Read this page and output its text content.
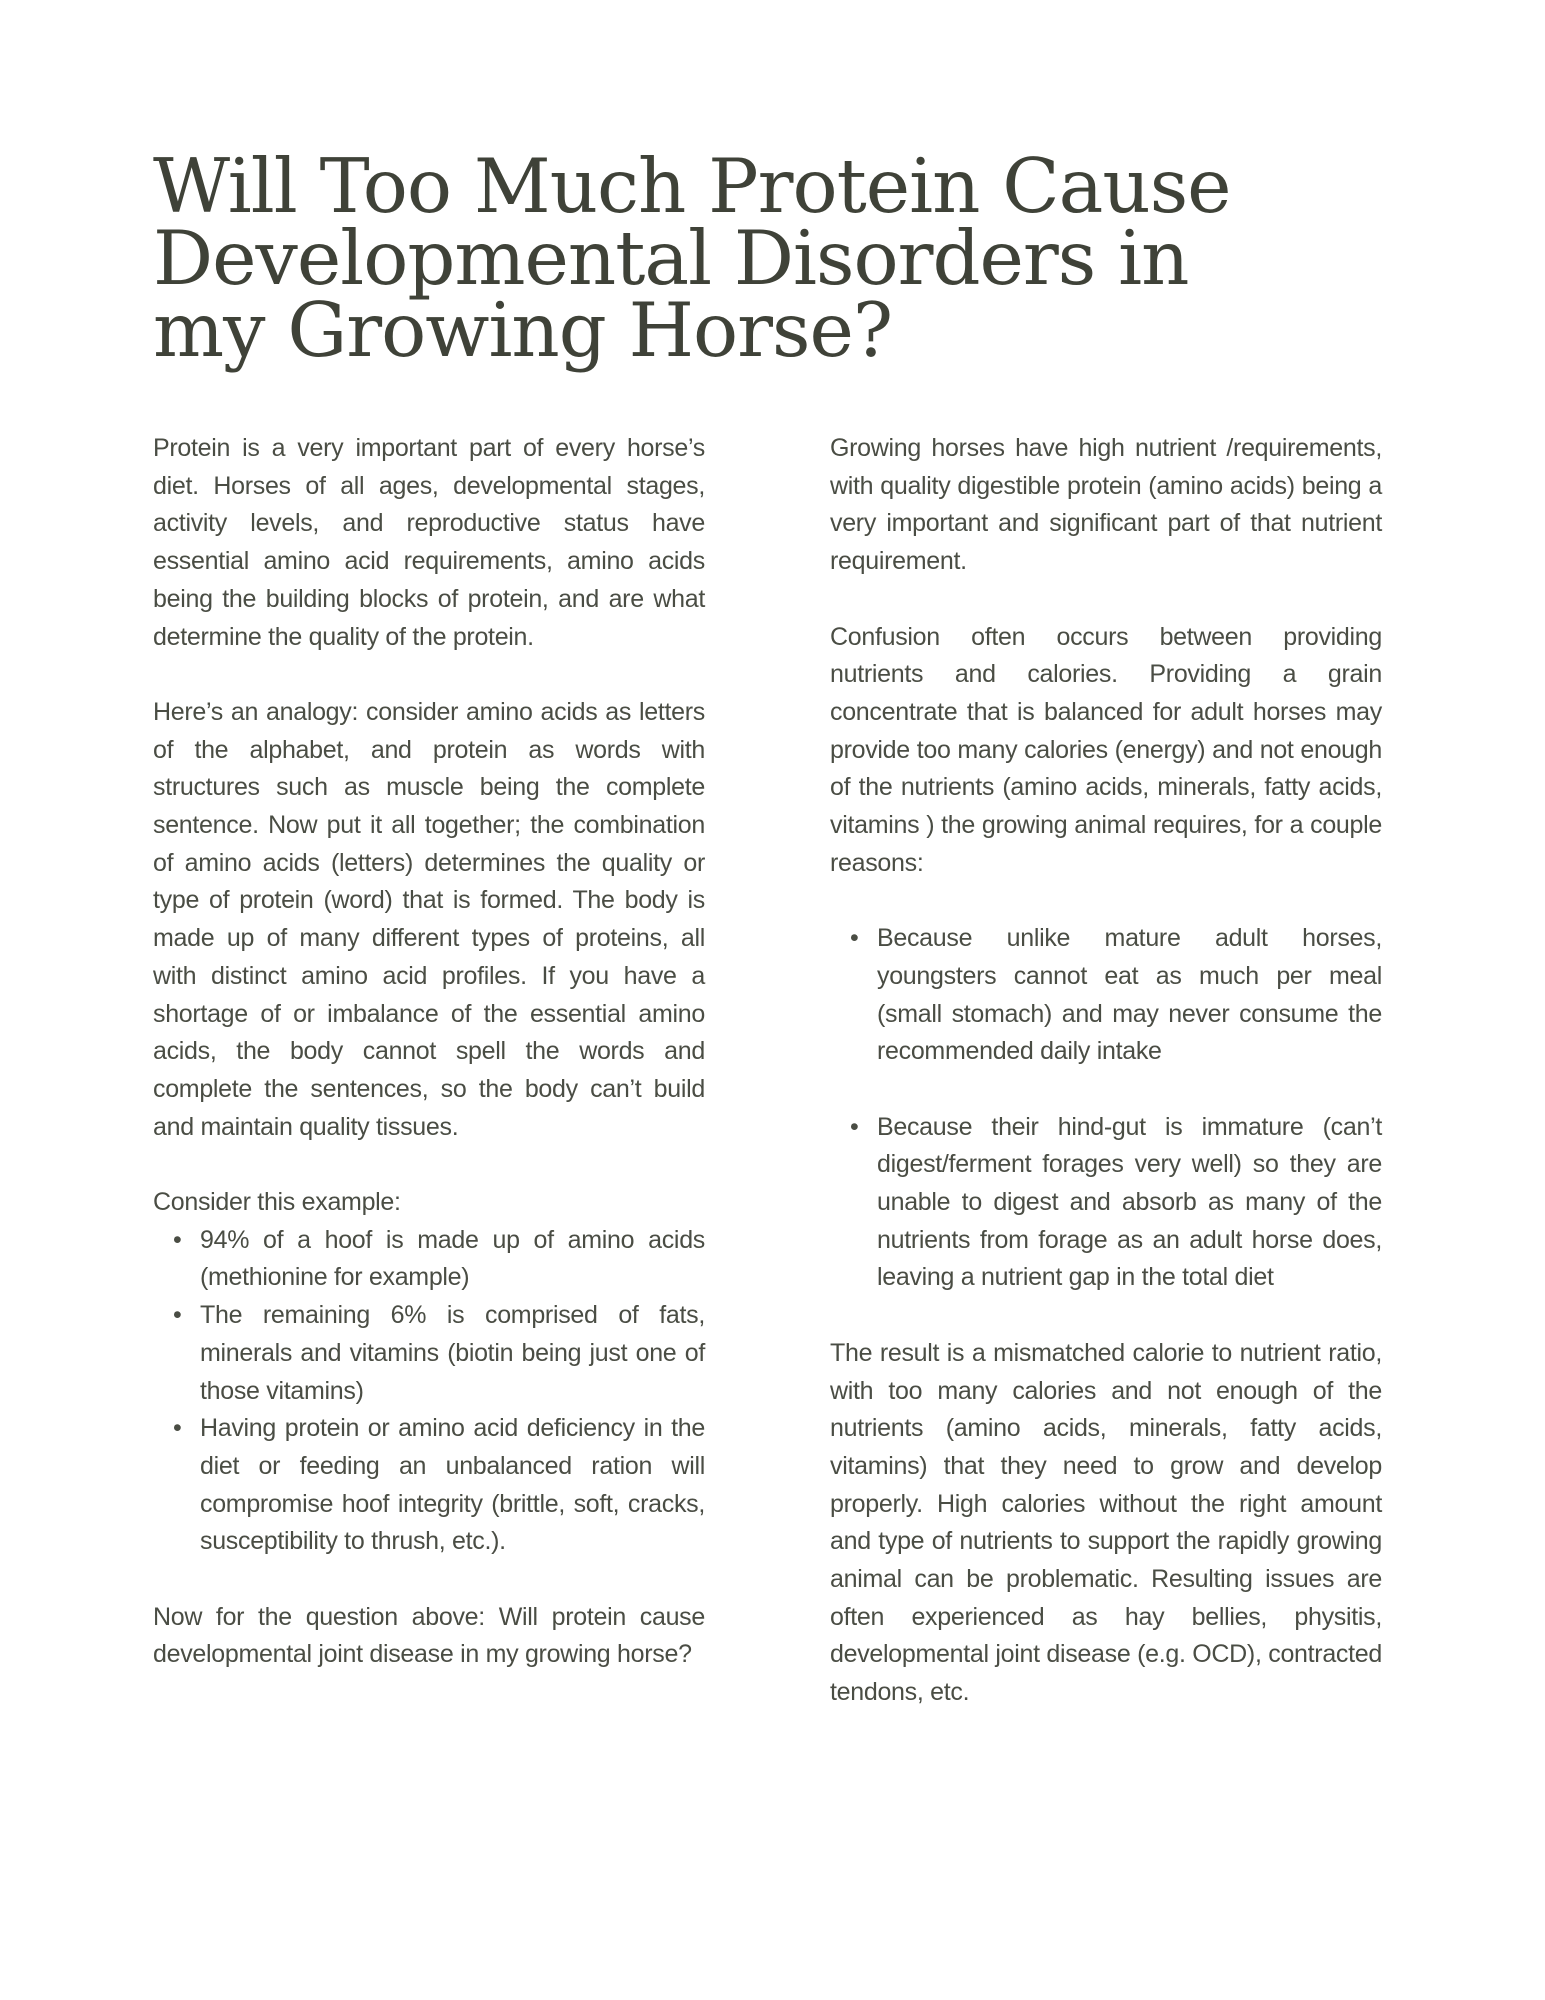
Will Too Much Protein Cause
Developmental Disorders in
my Growing Horse?

Protein is a very important part of every horse’s diet. Horses of all ages, developmental stages, activity levels, and reproductive status have essential amino acid requirements, amino acids being the building blocks of protein, and are what determine the quality of the protein.

Here’s an analogy: consider amino acids as letters of the alphabet, and protein as words with structures such as muscle being the complete sentence. Now put it all together; the combination of amino acids (letters) determines the quality or type of protein (word) that is formed. The body is made up of many different types of proteins, all with distinct amino acid profiles. If you have a shortage of or imbalance of the essential amino acids, the body cannot spell the words and complete the sentences, so the body can’t build and maintain quality tissues.

Consider this example:

• 94% of a hoof is made up of amino acids (methionine for example)
• The remaining 6% is comprised of fats, minerals and vitamins (biotin being just one of those vitamins)
• Having protein or amino acid deficiency in the diet or feeding an unbalanced ration will compromise hoof integrity (brittle, soft, cracks, susceptibility to thrush, etc.).

Now for the question above: Will protein cause developmental joint disease in my growing horse?

Growing horses have high nutrient /requirements, with quality digestible protein (amino acids) being a very important and significant part of that nutrient requirement.

Confusion often occurs between providing nutrients and calories. Providing a grain concentrate that is balanced for adult horses may provide too many calories (energy) and not enough of the nutrients (amino acids, minerals, fatty acids, vitamins ) the growing animal requires, for a couple reasons:

• Because unlike mature adult horses, youngsters cannot eat as much per meal (small stomach) and may never consume the recommended daily intake
• Because their hind-gut is immature (can’t digest/ferment forages very well) so they are unable to digest and absorb as many of the nutrients from forage as an adult horse does, leaving a nutrient gap in the total diet

The result is a mismatched calorie to nutrient ratio, with too many calories and not enough of the nutrients (amino acids, minerals, fatty acids, vitamins) that they need to grow and develop properly. High calories without the right amount and type of nutrients to support the rapidly growing animal can be problematic. Resulting issues are often experienced as hay bellies, physitis, developmental joint disease (e.g. OCD), contracted tendons, etc.
